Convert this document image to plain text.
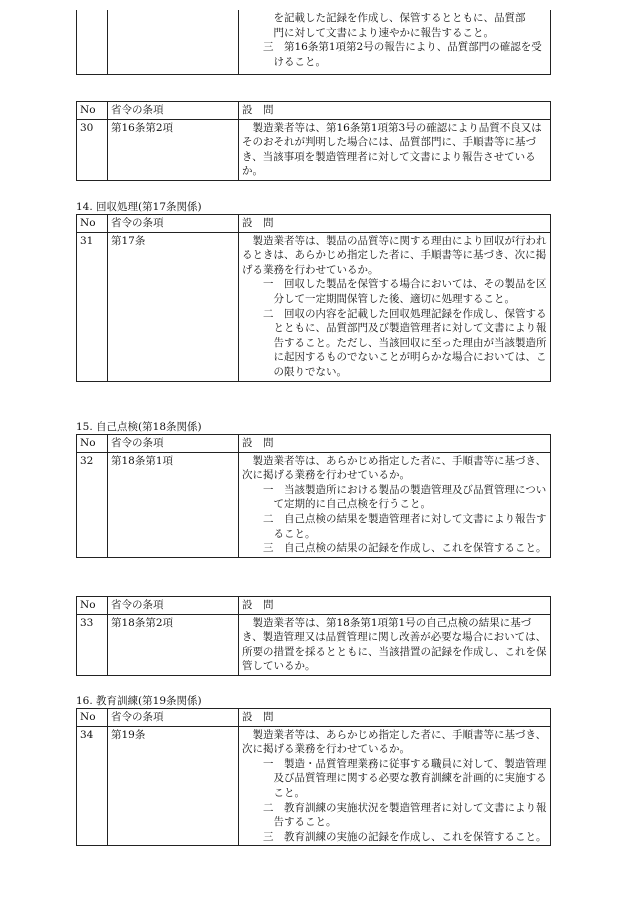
を記載した記録を作成し、保管するとともに、品質部

門に対して文書により速やかに報告すること。

三　第16条第1項第2号の報告により、品質部門の確認を受けること。

No	省令の条項	設　問
30	第16条第2項	製造業者等は、第16条第1項第3号の確認により品質不良又はそのおそれが判明した場合には、品質部門に、手順書等に基づき、当該事項を製造管理者に対して文書により報告させているか。

14. 回収処理(第17条関係)
No	省令の条項	設　問
31	第17条	製造業者等は、製品の品質等に関する理由により回収が行われるときは、あらかじめ指定した者に、手順書等に基づき、次に掲げる業務を行わせているか。

一　回収した製品を保管する場合においては、その製品を区分して一定期間保管した後、適切に処理すること。

二　回収の内容を記載した回収処理記録を作成し、保管するとともに、品質部門及び製造管理者に対して文書により報告すること。ただし、当該回収に至った理由が当該製造所に起因するものでないことが明らかな場合においては、この限りでない。

15. 自己点検(第18条関係)
No	省令の条項	設　問
32	第18条第1項	製造業者等は、あらかじめ指定した者に、手順書等に基づき、次に掲げる業務を行わせているか。

一　当該製造所における製品の製造管理及び品質管理について定期的に自己点検を行うこと。

二　自己点検の結果を製造管理者に対して文書により報告すること。

三　自己点検の結果の記録を作成し、これを保管すること。

No	省令の条項	設　問
33	第18条第2項	製造業者等は、第18条第1項第1号の自己点検の結果に基づき、製造管理又は品質管理に関し改善が必要な場合においては、所要の措置を採るとともに、当該措置の記録を作成し、これを保管しているか。

16. 教育訓練(第19条関係)
No	省令の条項	設　問
34	第19条	製造業者等は、あらかじめ指定した者に、手順書等に基づき、次に掲げる業務を行わせているか。

一　製造・品質管理業務に従事する職員に対して、製造管理及び品質管理に関する必要な教育訓練を計画的に実施すること。

二　教育訓練の実施状況を製造管理者に対して文書により報告すること。

三　教育訓練の実施の記録を作成し、これを保管すること。
